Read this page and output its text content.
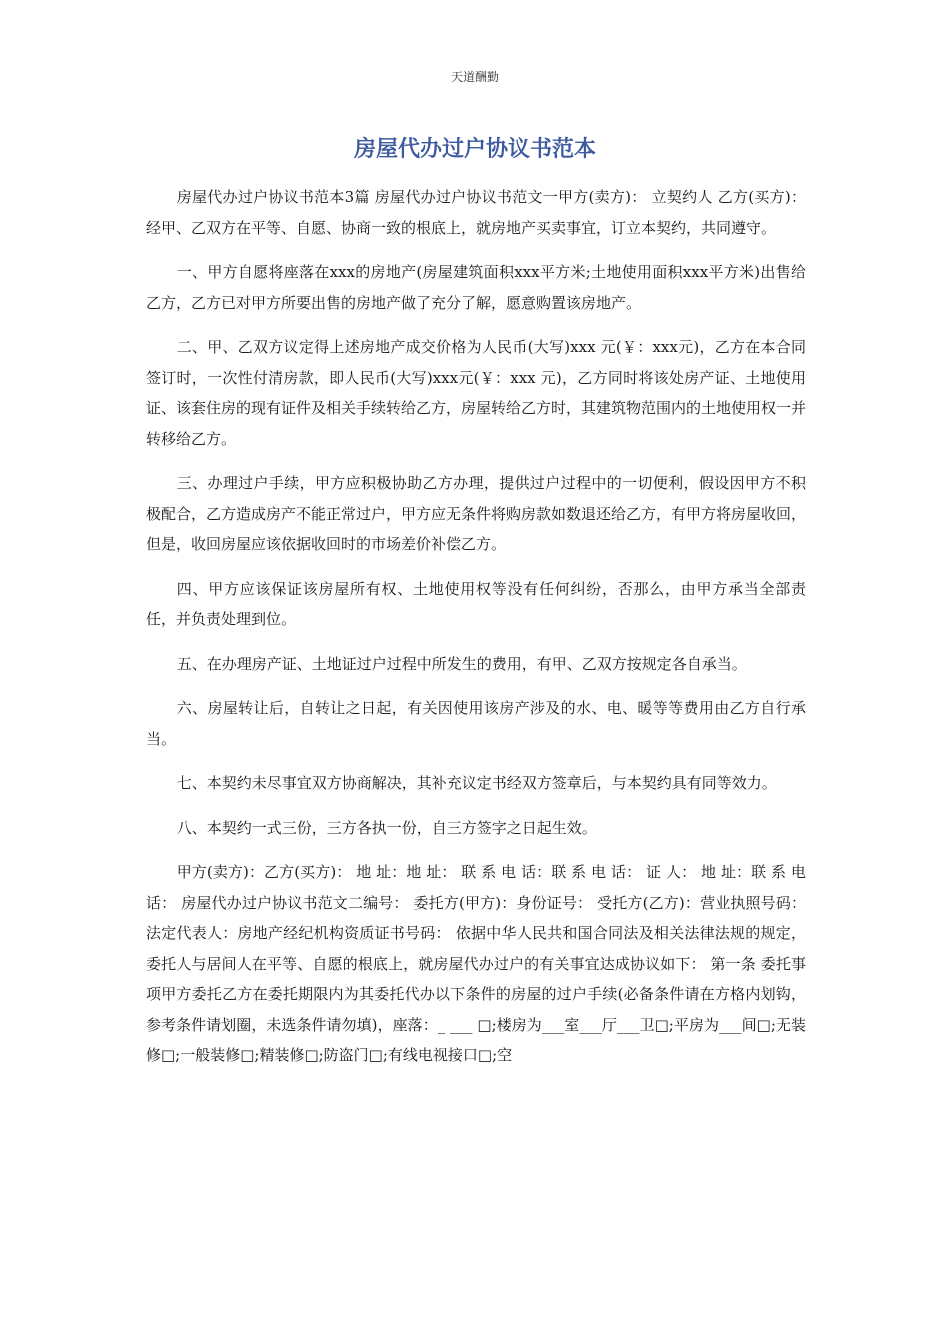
天道酬勤
房屋代办过户协议书范本

房屋代办过户协议书范本3篇 房屋代办过户协议书范文一甲方(卖方)： 立契约人 乙方(买方)： 经甲、乙双方在平等、自愿、协商一致的根底上，就房地产买卖事宜，订立本契约，共同遵守。

一、甲方自愿将座落在xxx的房地产(房屋建筑面积xxx平方米;土地使用面积xxx平方米)出售给乙方，乙方已对甲方所要出售的房地产做了充分了解，愿意购置该房地产。

二、甲、乙双方议定得上述房地产成交价格为人民币(大写)xxx 元(￥：xxx元)，乙方在本合同签订时，一次性付清房款，即人民币(大写)xxx元(￥：xxx 元)，乙方同时将该处房产证、土地使用证、该套住房的现有证件及相关手续转给乙方，房屋转给乙方时，其建筑物范围内的土地使用权一并转移给乙方。

三、办理过户手续，甲方应积极协助乙方办理，提供过户过程中的一切便利，假设因甲方不积极配合，乙方造成房产不能正常过户，甲方应无条件将购房款如数退还给乙方，有甲方将房屋收回，但是，收回房屋应该依据收回时的市场差价补偿乙方。

四、甲方应该保证该房屋所有权、土地使用权等没有任何纠纷，否那么，由甲方承当全部责任，并负责处理到位。

五、在办理房产证、土地证过户过程中所发生的费用，有甲、乙双方按规定各自承当。

六、房屋转让后，自转让之日起，有关因使用该房产涉及的水、电、暖等等费用由乙方自行承当。

七、本契约未尽事宜双方协商解决，其补充议定书经双方签章后，与本契约具有同等效力。

八、本契约一式三份，三方各执一份，自三方签字之日起生效。

甲方(卖方)：乙方(买方)： 地 址：地 址： 联 系 电 话：联 系 电 话： 证 人： 地 址：联 系 电 话： 房屋代办过户协议书范文二编号： 委托方(甲方)：身份证号： 受托方(乙方)：营业执照号码： 法定代表人：房地产经纪机构资质证书号码： 依据中华人民共和国合同法及相关法律法规的规定，委托人与居间人在平等、自愿的根底上，就房屋代办过户的有关事宜达成协议如下： 第一条 委托事项甲方委托乙方在委托期限内为其委托代办以下条件的房屋的过户手续(必备条件请在方格内划钩，参考条件请划圈，未选条件请勿填)，座落：_ ___ □;楼房为___室___厅___卫□;平房为___间□;无装修□;一般装修□;精装修□;防盗门□;有线电视接口□;空
